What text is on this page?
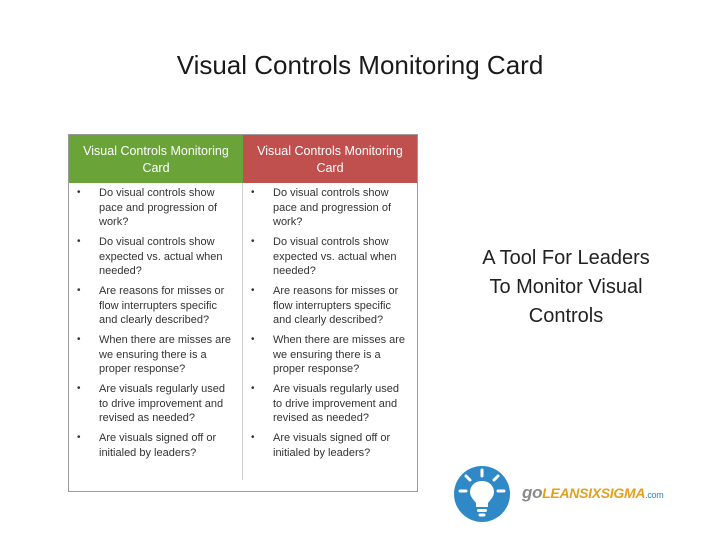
Visual Controls Monitoring Card
Visual Controls Monitoring Card
Visual Controls Monitoring Card
• Do visual controls show pace and progression of work?
• Do visual controls show expected vs. actual when needed?
• Are reasons for misses or flow interrupters specific and clearly described?
• When there are misses are we ensuring there is a proper response?
• Are visuals regularly used to drive improvement and revised as needed?
• Are visuals signed off or initialed by leaders?
• Do visual controls show pace and progression of work?
• Do visual controls show expected vs. actual when needed?
• Are reasons for misses or flow interrupters specific and clearly described?
• When there are misses are we ensuring there is a proper response?
• Are visuals regularly used to drive improvement and revised as needed?
• Are visuals signed off or initialed by leaders?
A Tool For Leaders To Monitor Visual Controls
goLEANSIXSIGMA.com
